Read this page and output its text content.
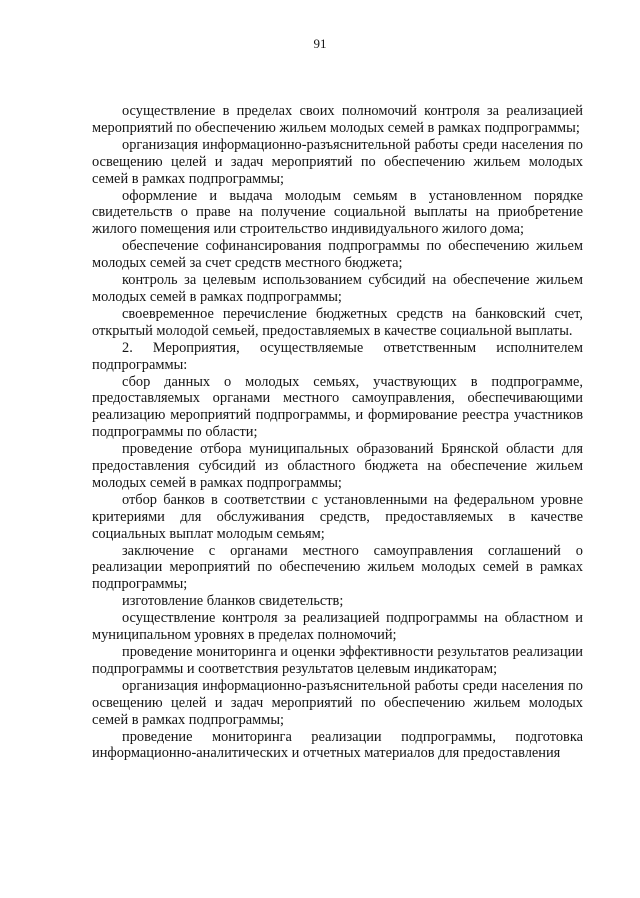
91

осуществление в пределах своих полномочий контроля за реализацией мероприятий по обеспечению жильем молодых семей в рамках подпрограммы;

организация информационно-разъяснительной работы среди населения по освещению целей и задач мероприятий по обеспечению жильем молодых семей в рамках подпрограммы;

оформление и выдача молодым семьям в установленном порядке свидетельств о праве на получение социальной выплаты на приобретение жилого помещения или строительство индивидуального жилого дома;

обеспечение софинансирования подпрограммы по обеспечению жильем молодых семей за счет средств местного бюджета;

контроль за целевым использованием субсидий на обеспечение жильем молодых семей в рамках подпрограммы;

своевременное перечисление бюджетных средств на банковский счет, открытый молодой семьей, предоставляемых в качестве социальной выплаты.

2. Мероприятия, осуществляемые ответственным исполнителем подпрограммы:

сбор данных о молодых семьях, участвующих в подпрограмме, предоставляемых органами местного самоуправления, обеспечивающими реализацию мероприятий подпрограммы, и формирование реестра участников подпрограммы по области;

проведение отбора муниципальных образований Брянской области для предоставления субсидий из областного бюджета на обеспечение жильем молодых семей в рамках подпрограммы;

отбор банков в соответствии с установленными на федеральном уровне критериями для обслуживания средств, предоставляемых в качестве социальных выплат молодым семьям;

заключение с органами местного самоуправления соглашений о реализации мероприятий по обеспечению жильем молодых семей в рамках подпрограммы;

изготовление бланков свидетельств;

осуществление контроля за реализацией подпрограммы на областном и муниципальном уровнях в пределах полномочий;

проведение мониторинга и оценки эффективности результатов реализации подпрограммы и соответствия результатов целевым индикаторам;

организация информационно-разъяснительной работы среди населения по освещению целей и задач мероприятий по обеспечению жильем молодых семей в рамках подпрограммы;

проведение мониторинга реализации подпрограммы, подготовка информационно-аналитических и отчетных материалов для предоставления
